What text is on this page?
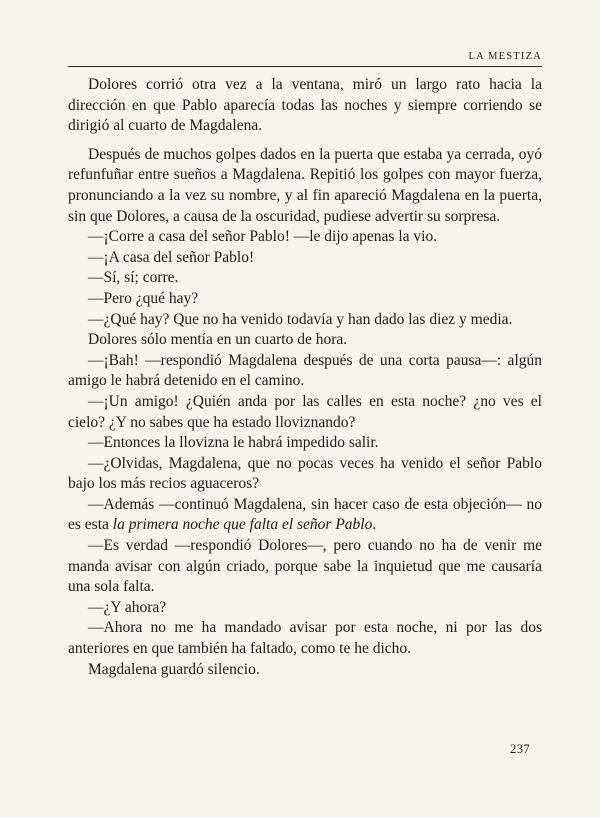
LA MESTIZA

Dolores corrió otra vez a la ventana, miró un largo rato hacia la dirección en que Pablo aparecía todas las noches y siempre corriendo se dirigió al cuarto de Magdalena.

Después de muchos golpes dados en la puerta que estaba ya cerrada, oyó refunfuñar entre sueños a Magdalena. Repitió los golpes con mayor fuerza, pronunciando a la vez su nombre, y al fin apareció Magdalena en la puerta, sin que Dolores, a causa de la oscuridad, pudiese advertir su sorpresa.

—¡Corre a casa del señor Pablo! —le dijo apenas la vio.

—¡A casa del señor Pablo!

—Sí, sí; corre.

—Pero ¿qué hay?

—¿Qué hay? Que no ha venido todavía y han dado las diez y media.

Dolores sólo mentía en un cuarto de hora.

—¡Bah! —respondió Magdalena después de una corta pausa—: algún amigo le habrá detenido en el camino.

—¡Un amigo! ¿Quién anda por las calles en esta noche? ¿no ves el cielo? ¿Y no sabes que ha estado lloviznando?

—Entonces la llovizna le habrá impedido salir.

—¿Olvidas, Magdalena, que no pocas veces ha venido el señor Pablo bajo los más recios aguaceros?

—Además —continuó Magdalena, sin hacer caso de esta objeción— no es esta la primera noche que falta el señor Pablo.

—Es verdad —respondió Dolores—, pero cuando no ha de venir me manda avisar con algún criado, porque sabe la inquietud que me causaría una sola falta.

—¿Y ahora?

—Ahora no me ha mandado avisar por esta noche, ni por las dos anteriores en que también ha faltado, como te he dicho.

Magdalena guardó silencio.

237
